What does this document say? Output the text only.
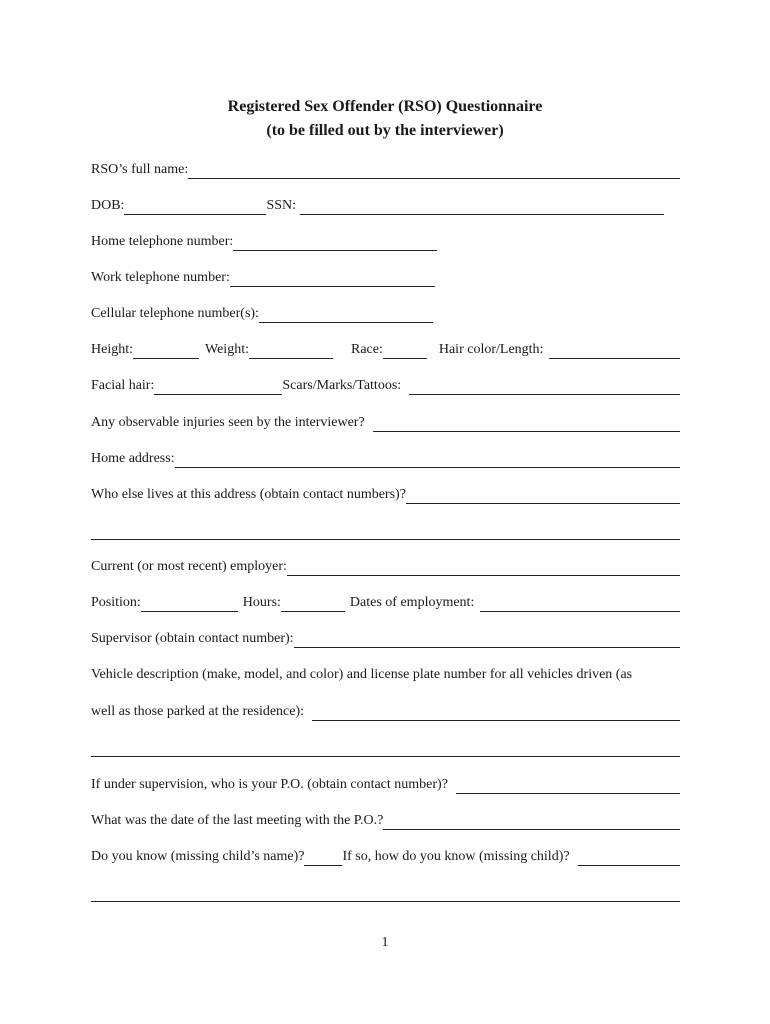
Registered Sex Offender (RSO) Questionnaire
(to be filled out by the interviewer)
RSO’s full name:
DOB:	SSN:
Home telephone number:
Work telephone number:
Cellular telephone number(s):
Height:	Weight:	Race:	Hair color/Length:
Facial hair:	Scars/Marks/Tattoos:
Any observable injuries seen by the interviewer?
Home address:
Who else lives at this address (obtain contact numbers)?
Current (or most recent) employer:
Position:	Hours:	Dates of employment:
Supervisor (obtain contact number):
Vehicle description (make, model, and color) and license plate number for all vehicles driven (as
well as those parked at the residence):
If under supervision, who is your P.O. (obtain contact number)?
What was the date of the last meeting with the P.O.?
Do you know (missing child’s name)?	If so, how do you know (missing child)?
1
